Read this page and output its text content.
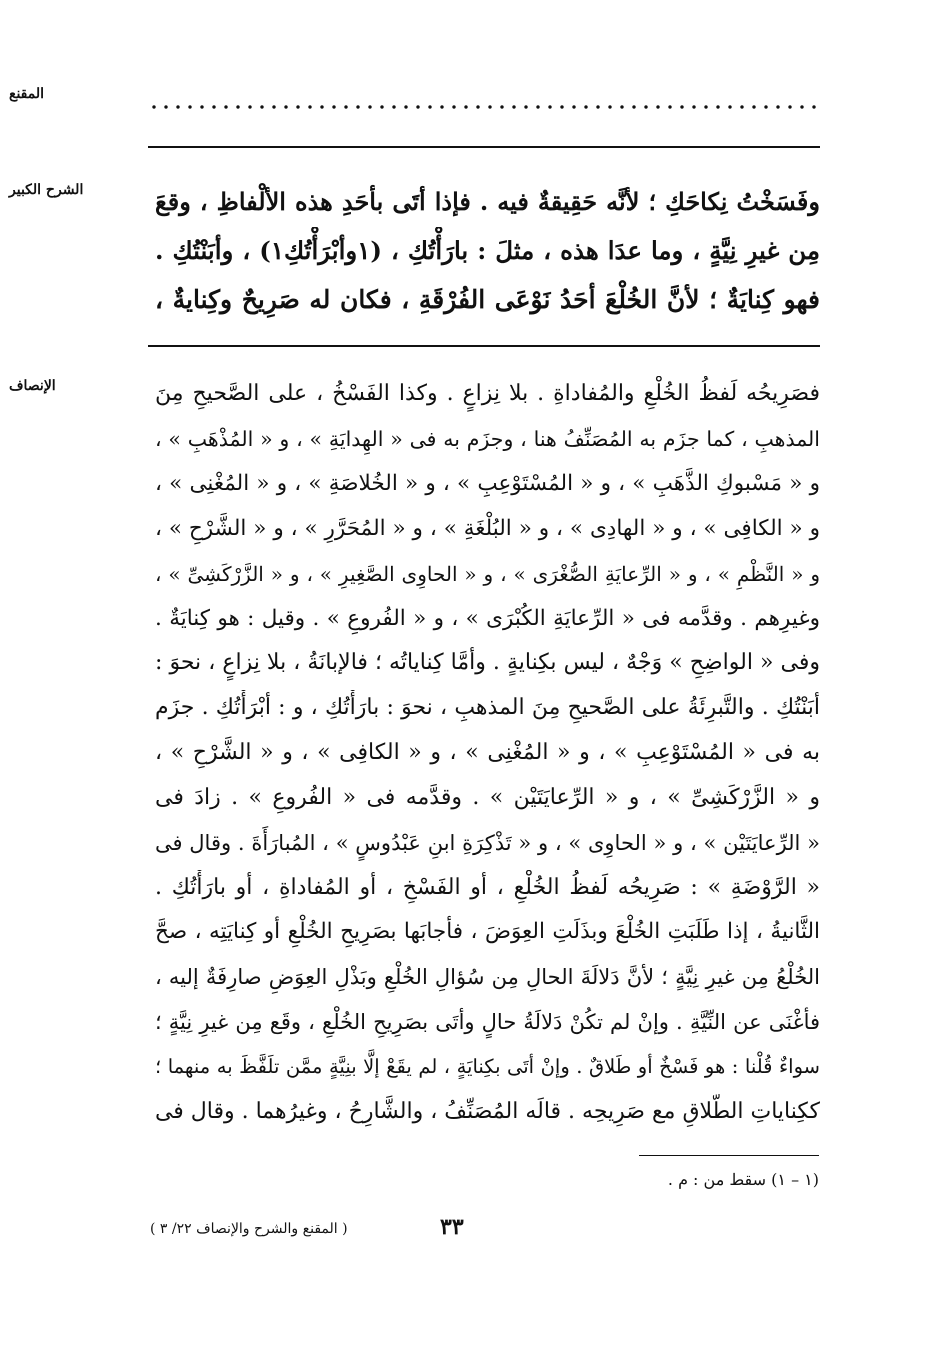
المقنع
الشرح الكبير	وفَسَخْتُ نِكاحَكِ ؛ لأنَّه حَقِيقةٌ فيه . فإذا أتَى بأحَدِ هذه الألْفاظِ ، وقعَ
مِن غيرِ نِيَّةٍ ، وما عدَا هذه ، مثلَ : بارَأْتُكِ ، (١وأبْرَأْتُكِ١) ، وأبَنْتُكِ .
فهو كِنايَةٌ ؛ لأنَّ الخُلْعَ أحَدُ نَوْعَى الفُرْقَةِ ، فكان له صَرِيحٌ وكِنايةٌ ،
الإنصاف	فصَرِيحُه لَفظُ الخُلْعِ والمُفاداةِ . بلا نِزاعٍ . وكذا الفَسْخُ ، على الصَّحيحِ مِنَ
المذهبِ ، كما جزَم به المُصَنِّفُ هنا ، وجزَم به فى « الهِدايَةِ » ، و « المُذْهَبِ » ،
و « مَسْبوكِ الذَّهَبِ » ، و « المُسْتَوْعِبِ » ، و « الخُلاصَةِ » ، و « المُغْنِى » ،
و « الكافِى » ، و « الهادِى » ، و « البُلْغَةِ » ، و « المُحَرَّرِ » ، و « الشَّرْحِ » ،
و « النَّظْمِ » ، و « الرِّعايَةِ الصُّغْرَى » ، و « الحاوِى الصَّغِيرِ » ، و « الزَّرْكَشِىِّ » ،
وغيرِهم . وقدَّمه فى « الرِّعايَةِ الكُبْرَى » ، و « الفُروعِ » . وقيل : هو كِنايَةٌ .
وفى « الواضِحِ » وَجْهٌ ، ليس بكِنايةٍ . وأمَّا كِناياتُه ؛ فالإبانَةُ ، بلا نِزاعٍ ، نحوَ :
أبَنْتُكِ . والتَّبرِئَةُ على الصَّحيحِ مِنَ المذهبِ ، نحوَ : بارَأْتُكِ ، و : أبْرَأْتُكِ . جزَم
به فى « المُسْتَوْعِبِ » ، و « المُغْنِى » ، و « الكافِى » ، و « الشَّرْحِ » ،
و « الزَّرْكَشِىِّ » ، و « الرِّعايَتَيْن » . وقدَّمه فى « الفُروعِ » . زادَ فى
« الرِّعايَتَيْن » ، و « الحاوِى » ، و « تَذْكِرَةِ ابنِ عَبْدُوسٍ » ، المُبارَأَةَ . وقال فى
« الرَّوْضَةِ » : صَرِيحُه لَفظُ الخُلْعِ ، أو الفَسْخِ ، أو المُفاداةِ ، أو بارَأْتُكِ .
الثَّانيةُ ، إذا طَلَبَتِ الخُلْعَ وبذَلَتِ العِوَضَ ، فأجابَها بصَرِيحِ الخُلْعِ أو كِنايَتِه ، صحَّ
الخُلْعُ مِن غيرِ نِيَّةٍ ؛ لأنَّ دَلالَةَ الحالِ مِن سُؤالِ الخُلْعِ وبَذْلِ العِوَضِ صارِفَةٌ إليه ،
فأغْنَى عن النِّيَّةِ . وإنْ لم تكُنْ دَلالَةُ حالٍ وأتَى بصَرِيحِ الخُلْعِ ، وقَع مِن غيرِ نِيَّةٍ ؛
سواءٌ قُلْنا : هو فَسْخٌ أو طَلاقٌ . وإنْ أتَى بكِنايَةٍ ، لم يقَعْ إلَّا بنِيَّةٍ ممَّن تلَفَّظَ به منهما ؛
ككِناياتِ الطَّلاقِ مع صَرِيحِه . قالَه المُصَنِّفُ ، والشَّارِحُ ، وغيرُهما . وقال فى
(١ – ١) سقط من : م .
٣٣
( المقنع والشرح والإنصاف ٢٢/ ٣ )
